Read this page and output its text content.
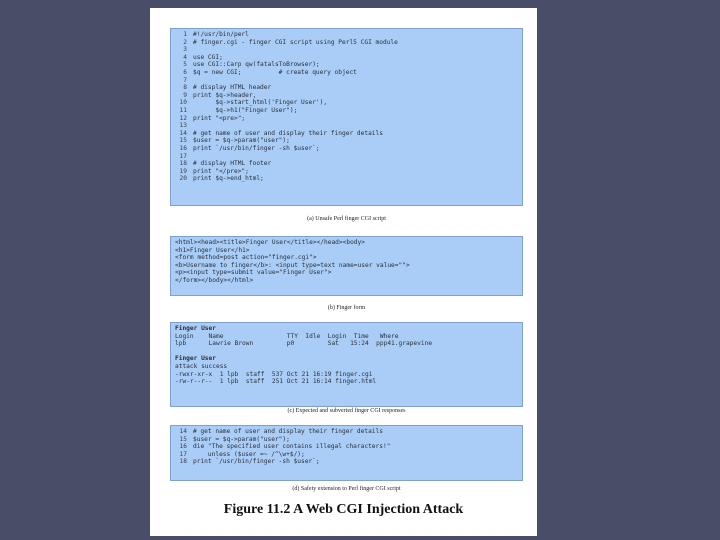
1 #!/usr/bin/perl
2 # finger.cgi - finger CGI script using Perl5 CGI module
3
4 use CGI;
5 use CGI::Carp qw(fatalsToBrowser);
6 $q = new CGI;          # create query object
7
8 # display HTML header
9 print $q->header,
10      $q->start_html('Finger User'),
11      $q->h1("Finger User");
12 print "<pre>";
13
14 # get name of user and display their finger details
15 $user = $q->param("user");
16 print `/usr/bin/finger -sh $user`;
17
18 # display HTML footer
19 print "</pre>";
20 print $q->end_html;
(a) Unsafe Perl finger CGI script
<html><head><title>Finger User</title></head><body>
<h1>Finger User</h1>
<form method=post action="finger.cgi">
<b>Username to finger</b>: <input type=text name=user value="">
<p><input type=submit value="Finger User">
</form></body></html>
(b) Finger form
Finger User
Login    Name                 TTY  Idle  Login  Time   Where
lpb      Lawrie Brown         p0         Sat   15:24  ppp41.grapevine
Finger User
attack success
-rwxr-xr-x  1 lpb  staff  537 Oct 21 16:19 finger.cgi
-rw-r--r--  1 lpb  staff  251 Oct 21 16:14 finger.html
(c) Expected and subverted finger CGI responses
14 # get name of user and display their finger details
15 $user = $q->param("user");
16 die "The specified user contains illegal characters!"
17    unless ($user =~ /^\w+$/);
18 print `/usr/bin/finger -sh $user`;
(d) Safety extension to Perl finger CGI script
Figure 11.2 A Web CGI Injection Attack
